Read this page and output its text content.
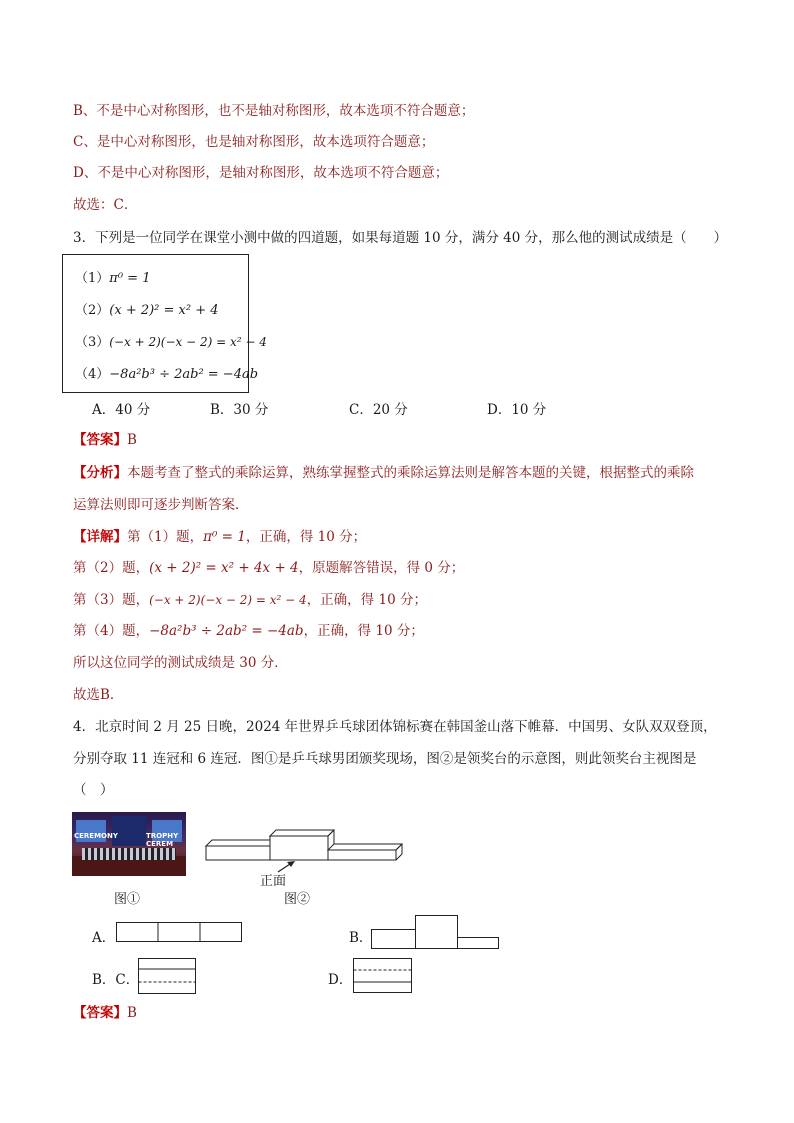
B、不是中心对称图形，也不是轴对称图形，故本选项不符合题意；
C、是中心对称图形，也是轴对称图形，故本选项符合题意；
D、不是中心对称图形，是轴对称图形，故本选项不符合题意；
故选：C．
3．下列是一位同学在课堂小测中做的四道题，如果每道题 10 分，满分 40 分，那么他的测试成绩是（　　）
（1）π⁰ = 1
（2）(x + 2)² = x² + 4
（3）(−x + 2)(−x − 2) = x² − 4
（4）−8a²b³ ÷ 2ab² = −4ab
A．40 分	B．30 分	C．20 分	D．10 分
【答案】B
【分析】本题考查了整式的乘除运算，熟练掌握整式的乘除运算法则是解答本题的关键，根据整式的乘除
运算法则即可逐步判断答案．
【详解】第（1）题，π⁰ = 1，正确，得 10 分；
第（2）题，(x + 2)² = x² + 4x + 4，原题解答错误，得 0 分；
第（3）题，(−x + 2)(−x − 2) = x² − 4，正确，得 10 分；
第（4）题，−8a²b³ ÷ 2ab² = −4ab，正确，得 10 分；
所以这位同学的测试成绩是 30 分．
故选B．
4．北京时间 2 月 25 日晚，2024 年世界乒乓球团体锦标赛在韩国釜山落下帷幕．中国男、女队双双登顶，
分别夺取 11 连冠和 6 连冠．图①是乒乓球男团颁奖现场，图②是领奖台的示意图，则此领奖台主视图是
（　）
CEREMONY	TROPHY CEREM
正面
图①	图②
A．	B．
B．C．	D．
【答案】B
